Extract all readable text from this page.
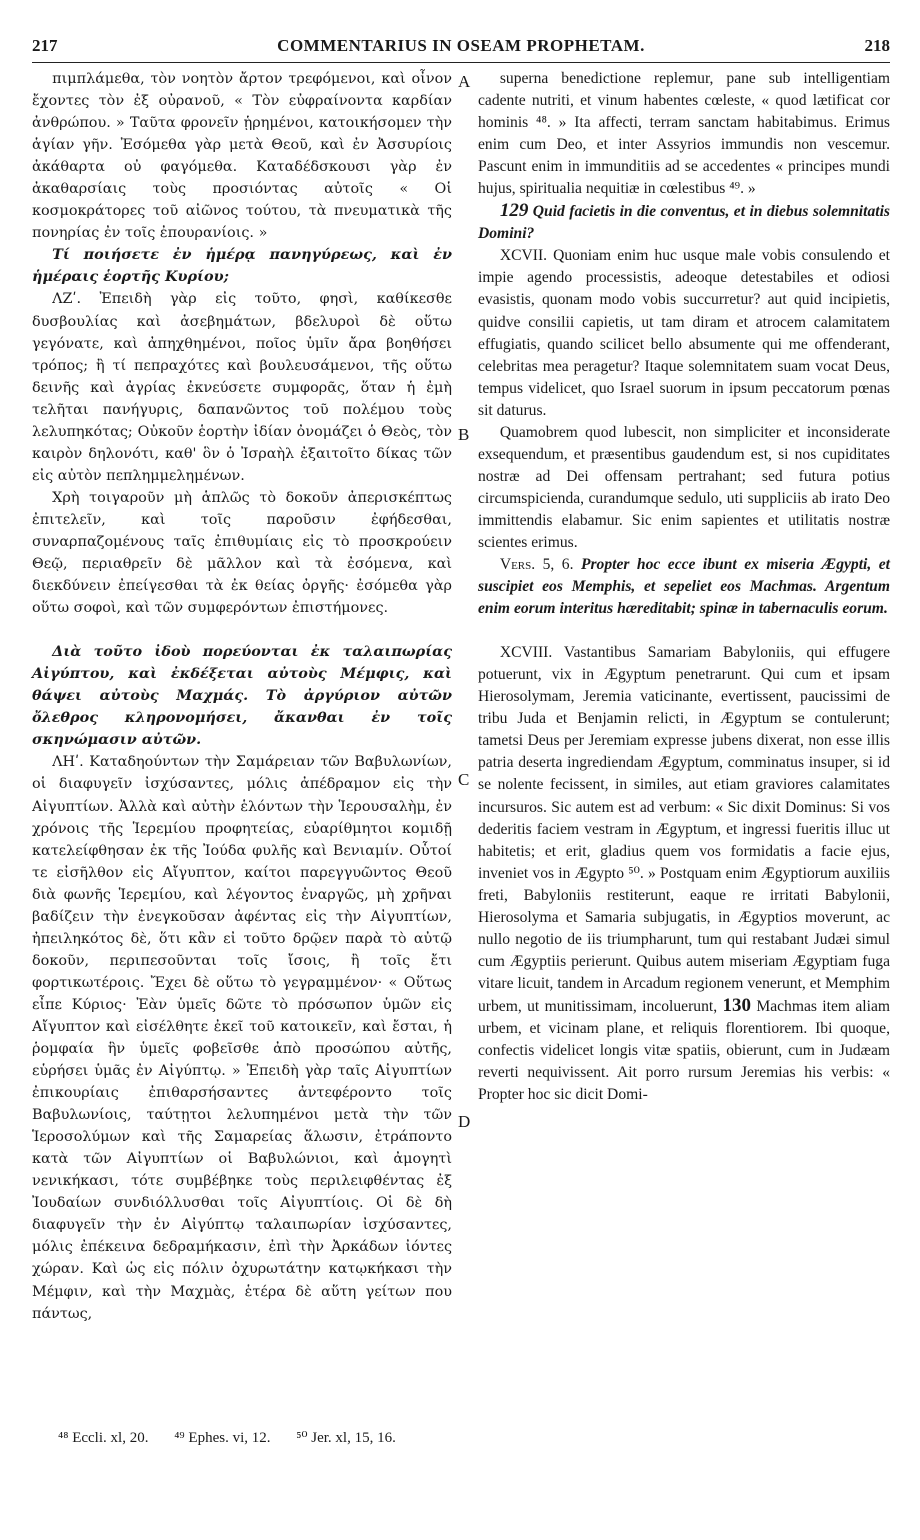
217	COMMENTARIUS IN OSEAM PROPHETAM.	218

πιμπλάμεθα, τὸν νοητὸν ἄρτον τρεφόμενοι, καὶ οἶνον ἔχοντες τὸν ἐξ οὐρανοῦ, « Τὸν εὐφραίνοντα καρδίαν ἀνθρώπου. » Ταῦτα φρονεῖν ᾑρημένοι, κατοικήσομεν τὴν ἁγίαν γῆν. Ἐσόμεθα γὰρ μετὰ Θεοῦ, καὶ ἐν Ἀσσυρίοις ἀκάθαρτα οὐ φαγόμεθα. Καταδέδσκουσι γὰρ ἐν ἀκαθαρσίαις τοὺς προσιόντας αὐτοῖς « Οἱ κοσμοκράτορες τοῦ αἰῶνος τούτου, τὰ πνευματικὰ τῆς πονηρίας ἐν τοῖς ἐπουρανίοις. »

Τί ποιήσετε ἐν ἡμέρᾳ πανηγύρεως, καὶ ἐν ἡμέραις ἑορτῆς Κυρίου;

ΛΖʹ. Ἐπειδὴ γὰρ εἰς τοῦτο, φησὶ, καθίκεσθε δυσβουλίας καὶ ἀσεβημάτων, βδελυροὶ δὲ οὕτω γεγόνατε, καὶ ἀπηχθημένοι, ποῖος ὑμῖν ἄρα βοηθήσει τρόπος; ἢ τί πεπραχότες καὶ βουλευσάμενοι, τῆς οὕτω δεινῆς καὶ ἀγρίας ἐκνεύσετε συμφορᾶς, ὅταν ἡ ἐμὴ τελῆται πανήγυρις, δαπανῶντος τοῦ πολέμου τοὺς λελυπηκότας; Οὐκοῦν ἑορτὴν ἰδίαν ὀνομάζει ὁ Θεὸς, τὸν καιρὸν δηλονότι, καθ' ὃν ὁ Ἰσραὴλ ἐξαιτοῖτο δίκας τῶν εἰς αὐτὸν πεπλημμελημένων.

Χρὴ τοιγαροῦν μὴ ἁπλῶς τὸ δοκοῦν ἀπερισκέπτως ἐπιτελεῖν, καὶ τοῖς παροῦσιν ἐφήδεσθαι, συναρπαζομένους ταῖς ἐπιθυμίαις εἰς τὸ προσκρούειν Θεῷ, περιαθρεῖν δὲ μᾶλλον καὶ τὰ ἐσόμενα, καὶ διεκδύνειν ἐπείγεσθαι τὰ ἐκ θείας ὀργῆς· ἐσόμεθα γὰρ οὕτω σοφοὶ, καὶ τῶν συμφερόντων ἐπιστήμονες.

Διὰ τοῦτο ἰδοὺ πορεύονται ἐκ ταλαιπωρίας Αἰγύπτου, καὶ ἐκδέξεται αὐτοὺς Μέμφις, καὶ θάψει αὐτοὺς Μαχμάς. Τὸ ἀργύριον αὐτῶν ὄλεθρος κληρονομήσει, ἄκανθαι ἐν τοῖς σκηνώμασιν αὐτῶν.

ΛΗʹ. Καταδηούντων τὴν Σαμάρειαν τῶν Βαβυλωνίων, οἱ διαφυγεῖν ἰσχύσαντες, μόλις ἀπέδραμον εἰς τὴν Αἰγυπτίων. Ἀλλὰ καὶ αὐτὴν ἑλόντων τὴν Ἱερουσαλὴμ, ἐν χρόνοις τῆς Ἱερεμίου προφητείας, εὐαρίθμητοι κομιδῇ κατελείφθησαν ἐκ τῆς Ἰούδα φυλῆς καὶ Βενιαμίν. Οὗτοί τε εἰσῆλθον εἰς Αἴγυπτον, καίτοι παρεγγυῶντος Θεοῦ διὰ φωνῆς Ἱερεμίου, καὶ λέγοντος ἐναργῶς, μὴ χρῆναι βαδίζειν τὴν ἐνεγκοῦσαν ἀφέντας εἰς τὴν Αἰγυπτίων, ἠπειληκότος δὲ, ὅτι κἂν εἰ τοῦτο δρῷεν παρὰ τὸ αὐτῷ δοκοῦν, περιπεσοῦνται τοῖς ἴσοις, ἢ τοῖς ἔτι φορτικωτέροις. Ἔχει δὲ οὕτω τὸ γεγραμμένον· « Οὕτως εἶπε Κύριος· Ἐὰν ὑμεῖς δῶτε τὸ πρόσωπον ὑμῶν εἰς Αἴγυπτον καὶ εἰσέλθητε ἐκεῖ τοῦ κατοικεῖν, καὶ ἔσται, ἡ ῥομφαία ἣν ὑμεῖς φοβεῖσθε ἀπὸ προσώπου αὐτῆς, εὑρήσει ὑμᾶς ἐν Αἰγύπτῳ. » Ἐπειδὴ γὰρ ταῖς Αἰγυπτίων ἐπικουρίαις ἐπιθαρσήσαντες ἀντεφέροντο τοῖς Βαβυλωνίοις, ταύτῃτοι λελυπημένοι μετὰ τὴν τῶν Ἱεροσολύμων καὶ τῆς Σαμαρείας ἅλωσιν, ἐτράποντο κατὰ τῶν Αἰγυπτίων οἱ Βαβυλώνιοι, καὶ ἀμογητὶ νενικήκασι, τότε συμβέβηκε τοὺς περιλειφθέντας ἐξ Ἰουδαίων συνδιόλλυσθαι τοῖς Αἰγυπτίοις. Οἱ δὲ δὴ διαφυγεῖν τὴν ἐν Αἰγύπτῳ ταλαιπωρίαν ἰσχύσαντες, μόλις ἐπέκεινα δεδραμήκασιν, ἐπὶ τὴν Ἀρκάδων ἰόντες χώραν. Καὶ ὡς εἰς πόλιν ὀχυρωτάτην κατῳκήκασι τὴν Μέμφιν, καὶ τὴν Μαχμὰς, ἑτέρα δὲ αὕτη γείτων που πάντως,

superna benedictione replemur, pane sub intelligentiam cadente nutriti, et vinum habentes cœleste, « quod lætificat cor hominis ⁴⁸. » Ita affecti, terram sanctam habitabimus. Erimus enim cum Deo, et inter Assyrios immundis non vescemur. Pascunt enim in immunditiis ad se accedentes « principes mundi hujus, spiritualia nequitiæ in cœlestibus ⁴⁹. »

129 Quid facietis in die conventus, et in diebus solemnitatis Domini?

XCVII. Quoniam enim huc usque male vobis consulendo et impie agendo processistis, adeoque detestabiles et odiosi evasistis, quonam modo vobis succurretur? aut quid incipietis, quidve consilii capietis, ut tam diram et atrocem calamitatem effugiatis, quando scilicet bello absumente qui me offenderant, celebritas mea peragetur? Itaque solemnitatem suam vocat Deus, tempus videlicet, quo Israel suorum in ipsum peccatorum pœnas sit daturus.

Quamobrem quod lubescit, non simpliciter et inconsiderate exsequendum, et præsentibus gaudendum est, si nos cupiditates nostræ ad Dei offensam pertrahant; sed futura potius circumspicienda, curandumque sedulo, uti suppliciis ab irato Deo immittendis elabamur. Sic enim sapientes et utilitatis nostræ scientes erimus.

Vers. 5, 6. Propter hoc ecce ibunt ex miseria Ægypti, et suscipiet eos Memphis, et sepeliet eos Machmas. Argentum enim eorum interitus hæreditabit; spinæ in tabernaculis eorum.

XCVIII. Vastantibus Samariam Babyloniis, qui effugere potuerunt, vix in Ægyptum penetrarunt. Qui cum et ipsam Hierosolymam, Jeremia vaticinante, evertissent, paucissimi de tribu Juda et Benjamin relicti, in Ægyptum se contulerunt; tametsi Deus per Jeremiam expresse jubens dixerat, non esse illis patria deserta ingrediendam Ægyptum, comminatus insuper, si id se nolente fecissent, in similes, aut etiam graviores calamitates incursuros. Sic autem est ad verbum: « Sic dixit Dominus: Si vos dederitis faciem vestram in Ægyptum, et ingressi fueritis illuc ut habitetis; et erit, gladius quem vos formidatis a facie ejus, inveniet vos in Ægypto ⁵⁰. » Postquam enim Ægyptiorum auxiliis freti, Babyloniis restiterunt, eaque re irritati Babylonii, Hierosolyma et Samaria subjugatis, in Ægyptios moverunt, ac nullo negotio de iis triumpharunt, tum qui restabant Judæi simul cum Ægyptiis perierunt. Quibus autem miseriam Ægyptiam fuga vitare licuit, tandem in Arcadum regionem venerunt, et Memphim urbem, ut munitissimam, incoluerunt, 130 Machmas item aliam urbem, et vicinam plane, et reliquis florentiorem. Ibi quoque, confectis videlicet longis vitæ spatiis, obierunt, cum in Judæam reverti nequivissent. Ait porro rursum Jeremias his verbis: « Propter hoc sic dicit Domi-

A
B
C
D
⁴⁸ Eccli. xl, 20. ⁴⁹ Ephes. vi, 12. ⁵⁰ Jer. xl, 15, 16.
